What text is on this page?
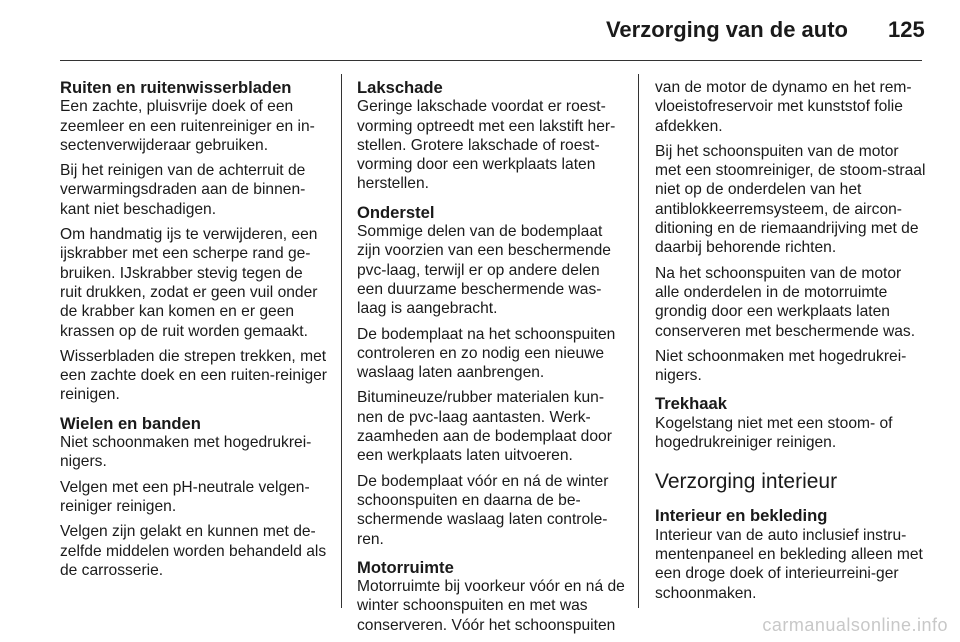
Verzorging van de auto 125
Ruiten en ruitenwisserbladen

Een zachte, pluisvrije doek of een zeemleer en een ruitenreiniger en in-sectenverwijderaar gebruiken.

Bij het reinigen van de achterruit de verwarmingsdraden aan de binnen-kant niet beschadigen.

Om handmatig ijs te verwijderen, een ijskrabber met een scherpe rand ge-bruiken. IJskrabber stevig tegen de ruit drukken, zodat er geen vuil onder de krabber kan komen en er geen krassen op de ruit worden gemaakt.

Wisserbladen die strepen trekken, met een zachte doek en een ruiten-reiniger reinigen.

Wielen en banden

Niet schoonmaken met hogedrukrei-nigers.

Velgen met een pH-neutrale velgen-reiniger reinigen.

Velgen zijn gelakt en kunnen met de-zelfde middelen worden behandeld als de carrosserie.

Lakschade

Geringe lakschade voordat er roest-vorming optreedt met een lakstift her-stellen. Grotere lakschade of roest-vorming door een werkplaats laten herstellen.

Onderstel

Sommige delen van de bodemplaat zijn voorzien van een beschermende pvc-laag, terwijl er op andere delen een duurzame beschermende was-laag is aangebracht.

De bodemplaat na het schoonspuiten controleren en zo nodig een nieuwe waslaag laten aanbrengen.

Bitumineuze/rubber materialen kun-nen de pvc-laag aantasten. Werk-zaamheden aan de bodemplaat door een werkplaats laten uitvoeren.

De bodemplaat vóór en ná de winter schoonspuiten en daarna de be-schermende waslaag laten controle-ren.

Motorruimte

Motorruimte bij voorkeur vóór en ná de winter schoonspuiten en met was conserveren. Vóór het schoonspuiten

van de motor de dynamo en het rem-vloeistofreservoir met kunststof folie afdekken.

Bij het schoonspuiten van de motor met een stoomreiniger, de stoom-straal niet op de onderdelen van het antiblokkeerremsysteem, de aircon-ditioning en de riemaandrijving met de daarbij behorende richten.

Na het schoonspuiten van de motor alle onderdelen in de motorruimte grondig door een werkplaats laten conserveren met beschermende was.

Niet schoonmaken met hogedrukrei-nigers.

Trekhaak

Kogelstang niet met een stoom- of hogedrukreiniger reinigen.

Verzorging interieur
Interieur en bekleding

Interieur van de auto inclusief instru-mentenpaneel en bekleding alleen met een droge doek of interieurreini-ger schoonmaken.

carmanualsonline.info
